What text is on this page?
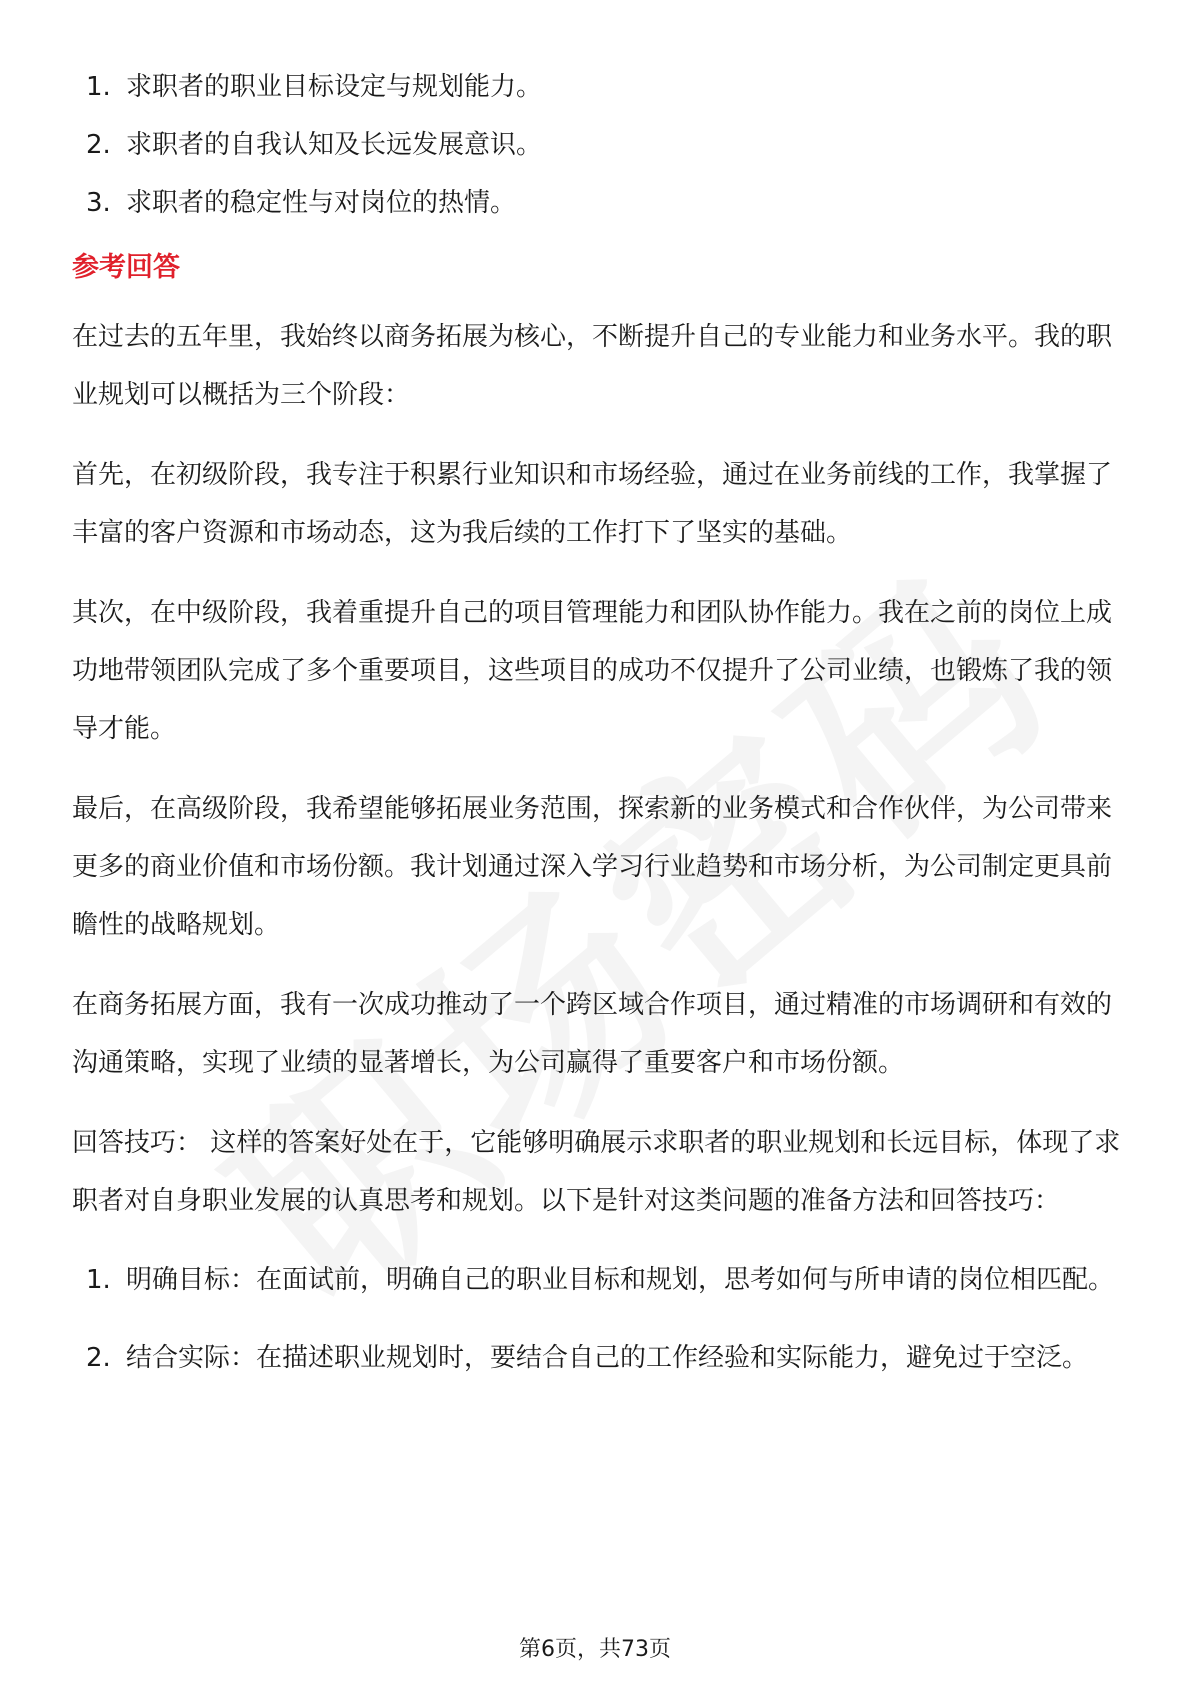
1. 求职者的职业目标设定与规划能力。
2. 求职者的自我认知及长远发展意识。
3. 求职者的稳定性与对岗位的热情。
参考回答

在过去的五年里，我始终以商务拓展为核心，不断提升自己的专业能力和业务水平。我的职业规划可以概括为三个阶段：

首先，在初级阶段，我专注于积累行业知识和市场经验，通过在业务前线的工作，我掌握了丰富的客户资源和市场动态，这为我后续的工作打下了坚实的基础。

其次，在中级阶段，我着重提升自己的项目管理能力和团队协作能力。我在之前的岗位上成功地带领团队完成了多个重要项目，这些项目的成功不仅提升了公司业绩，也锻炼了我的领导才能。

最后，在高级阶段，我希望能够拓展业务范围，探索新的业务模式和合作伙伴，为公司带来更多的商业价值和市场份额。我计划通过深入学习行业趋势和市场分析，为公司制定更具前瞻性的战略规划。

在商务拓展方面，我有一次成功推动了一个跨区域合作项目，通过精准的市场调研和有效的沟通策略，实现了业绩的显著增长，为公司赢得了重要客户和市场份额。

回答技巧： 这样的答案好处在于，它能够明确展示求职者的职业规划和长远目标，体现了求职者对自身职业发展的认真思考和规划。以下是针对这类问题的准备方法和回答技巧：

1. 明确目标：在面试前，明确自己的职业目标和规划，思考如何与所申请的岗位相匹配。
2. 结合实际：在描述职业规划时，要结合自己的工作经验和实际能力，避免过于空泛。
第6页，共73页
